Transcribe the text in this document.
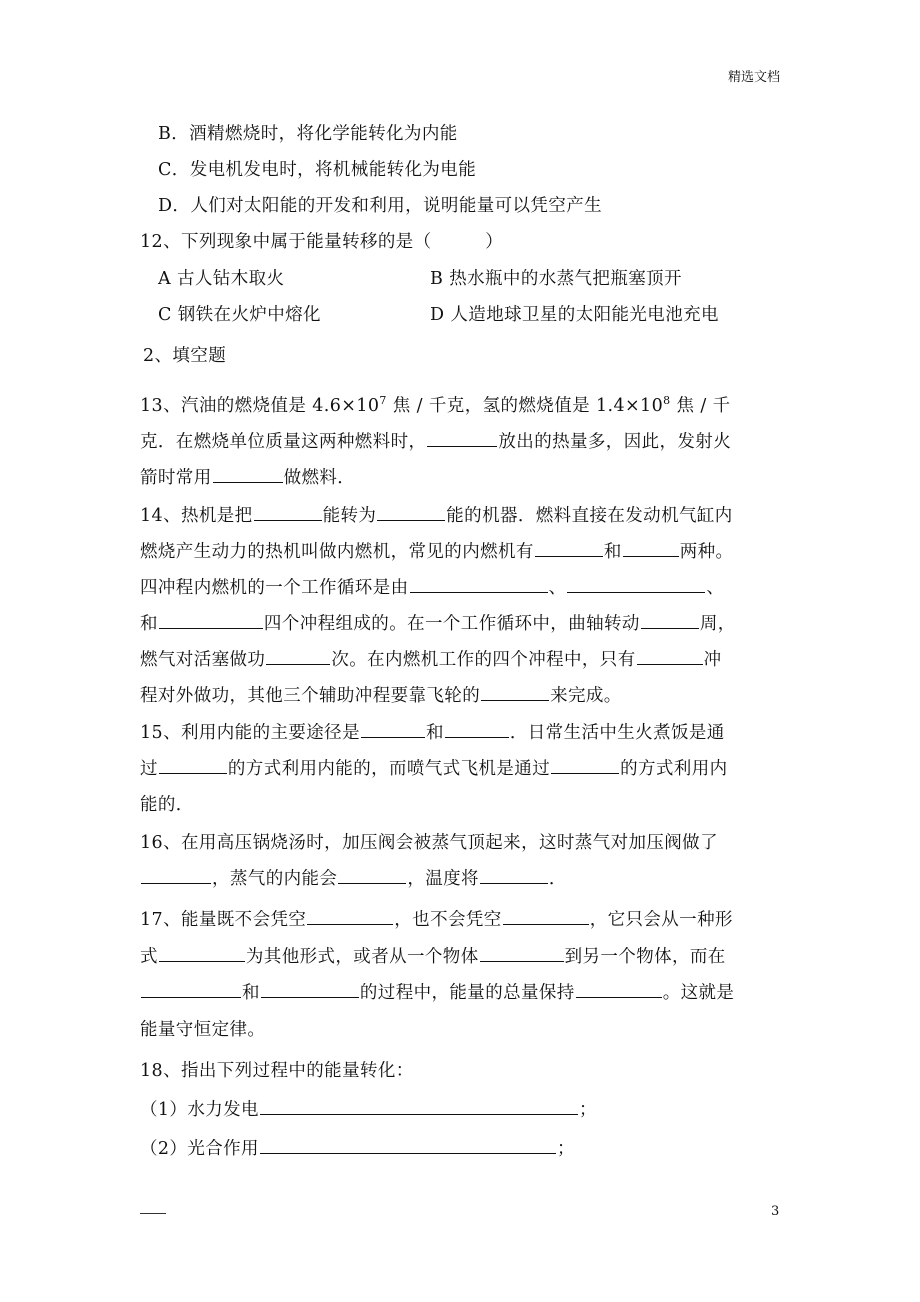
精选文档
B．酒精燃烧时，将化学能转化为内能
C．发电机发电时，将机械能转化为电能
D．人们对太阳能的开发和利用，说明能量可以凭空产生
12、下列现象中属于能量转移的是（　　　）
A 古人钻木取火	B 热水瓶中的水蒸气把瓶塞顶开
C 钢铁在火炉中熔化	D 人造地球卫星的太阳能光电池充电
2、填空题
13、汽油的燃烧值是 $4.6\times 10^7$ 焦 / 千克，氢的燃烧值是 $1.4\times 10^8$ 焦 / 千
克．在燃烧单位质量这两种燃料时，	放出的热量多，因此，发射火
箭时常用	做燃料．
14、热机是把	能转为	能的机器．燃料直接在发动机气缸内
燃烧产生动力的热机叫做内燃机，常见的内燃机有	和	两种。
四冲程内燃机的一个工作循环是由	、	、
和	四个冲程组成的。在一个工作循环中，曲轴转动	周，
燃气对活塞做功	次。在内燃机工作的四个冲程中，只有	冲
程对外做功，其他三个辅助冲程要靠飞轮的	来完成。
15、利用内能的主要途径是	和	．日常生活中生火煮饭是通
过	的方式利用内能的，而喷气式飞机是通过	的方式利用内
能的．
16、在用高压锅烧汤时，加压阀会被蒸气顶起来，这时蒸气对加压阀做了
，蒸气的内能会	，温度将	．
17、能量既不会凭空	，也不会凭空	，它只会从一种形
式	为其他形式，或者从一个物体	到另一个物体，而在
和	的过程中，能量的总量保持	。这就是
能量守恒定律。
18、指出下列过程中的能量转化：
（1）水力发电	；
（2）光合作用	；
3
